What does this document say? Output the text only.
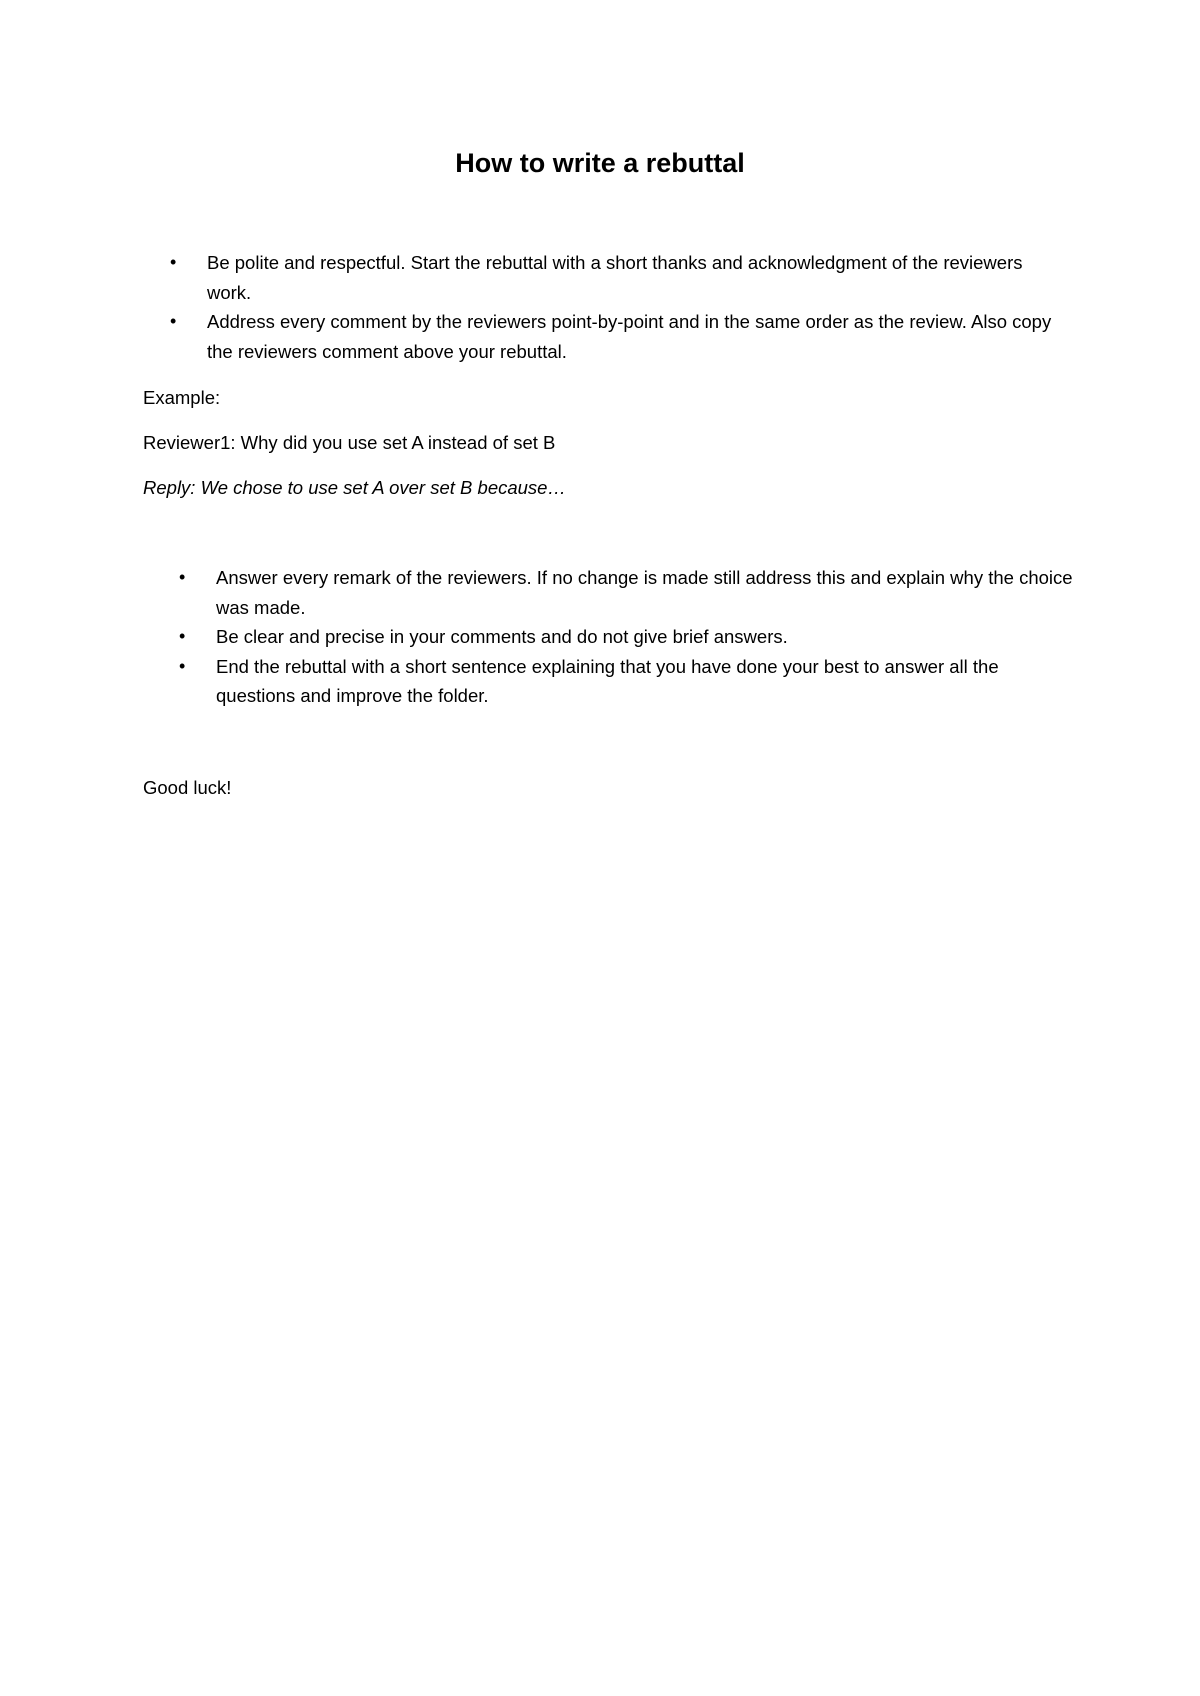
How to write a rebuttal
• Be polite and respectful. Start the rebuttal with a short thanks and acknowledgment of the reviewers work.
• Address every comment by the reviewers point-by-point and in the same order as the review. Also copy the reviewers comment above your rebuttal.
Example:
Reviewer1: Why did you use set A instead of set B
Reply: We chose to use set A over set B because…
• Answer every remark of the reviewers. If no change is made still address this and explain why the choice was made.
• Be clear and precise in your comments and do not give brief answers.
• End the rebuttal with a short sentence explaining that you have done your best to answer all the questions and improve the folder.
Good luck!
